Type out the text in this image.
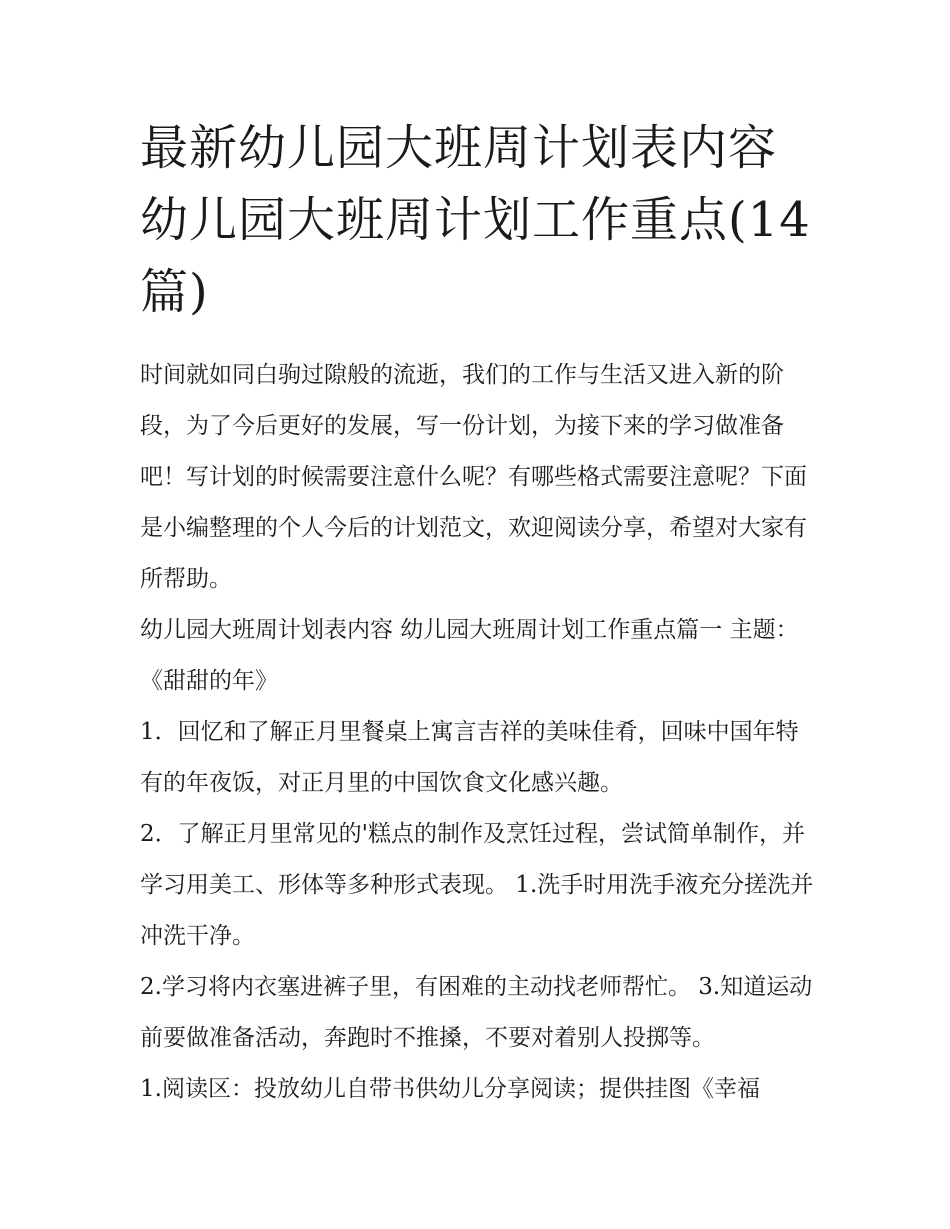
最新幼儿园大班周计划表内容 幼儿园大班周计划工作重点(14篇)

时间就如同白驹过隙般的流逝，我们的工作与生活又进入新的阶段，为了今后更好的发展，写一份计划，为接下来的学习做准备吧！写计划的时候需要注意什么呢？有哪些格式需要注意呢？下面是小编整理的个人今后的计划范文，欢迎阅读分享，希望对大家有所帮助。

幼儿园大班周计划表内容 幼儿园大班周计划工作重点篇一 主题：《甜甜的年》

1．回忆和了解正月里餐桌上寓言吉祥的美味佳肴，回味中国年特有的年夜饭，对正月里的中国饮食文化感兴趣。

2．了解正月里常见的'糕点的制作及烹饪过程，尝试简单制作，并学习用美工、形体等多种形式表现。 1.洗手时用洗手液充分搓洗并冲洗干净。

2.学习将内衣塞进裤子里，有困难的主动找老师帮忙。 3.知道运动前要做准备活动，奔跑时不推搡，不要对着别人投掷等。

1.阅读区：投放幼儿自带书供幼儿分享阅读；提供挂图《幸福
